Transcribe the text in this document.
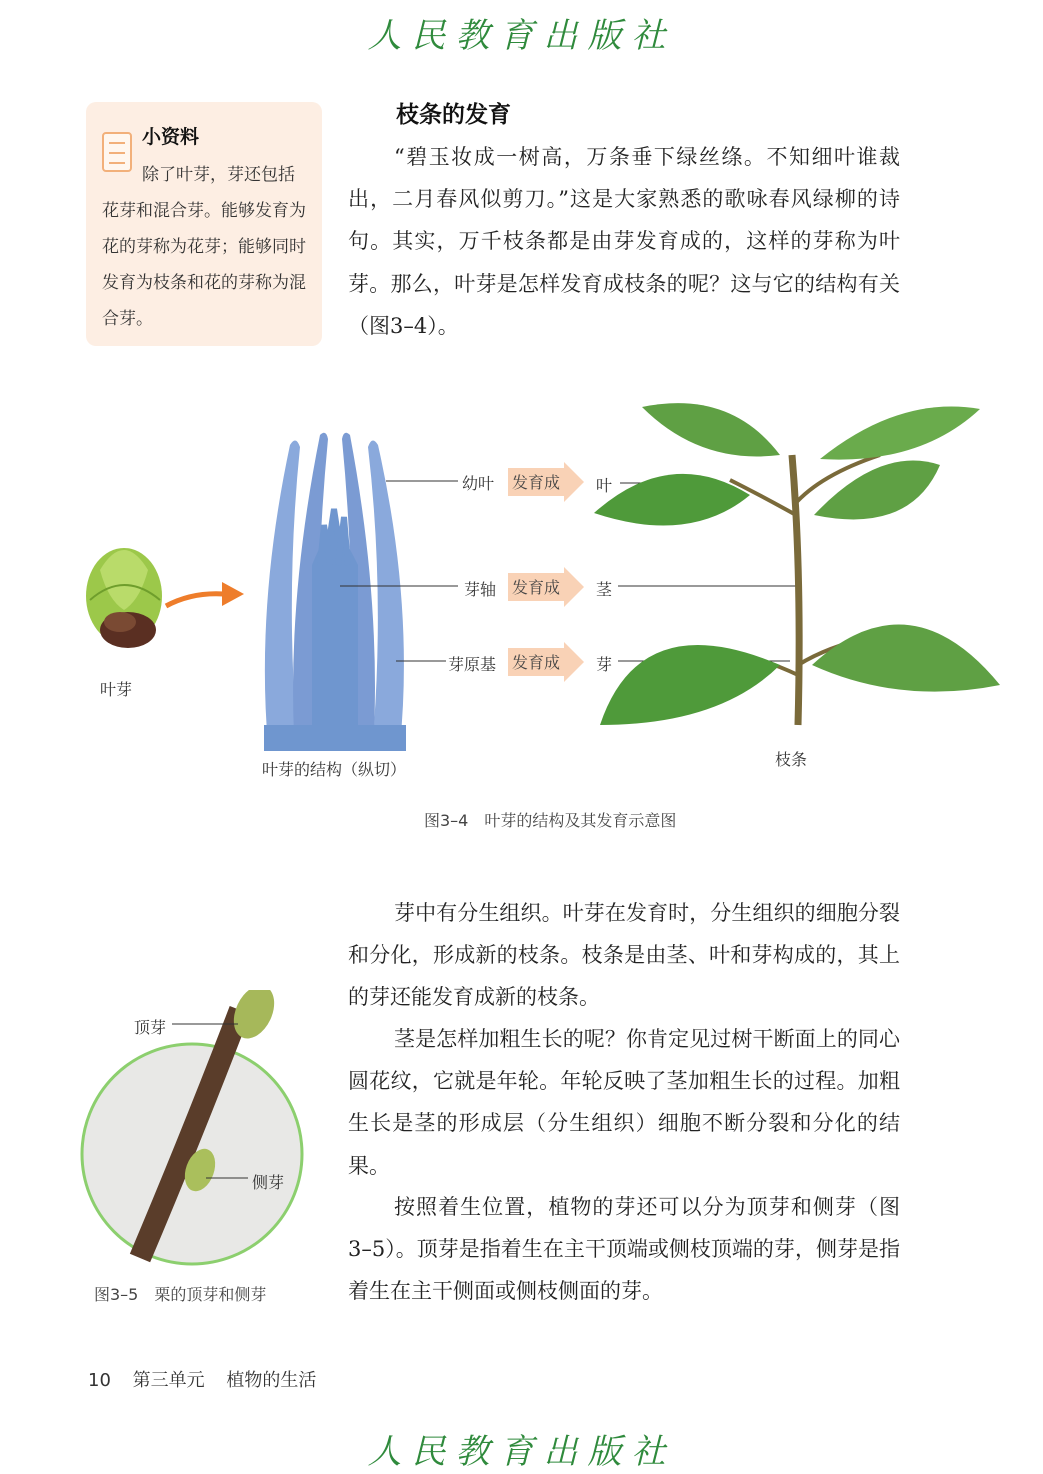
人民教育出版社
小资料
除了叶芽，芽还包括花芽和混合芽。能够发育为花的芽称为花芽；能够同时发育为枝条和花的芽称为混合芽。
枝条的发育
“碧玉妆成一树高，万条垂下绿丝绦。不知细叶谁裁出，二月春风似剪刀。”这是大家熟悉的歌咏春风绿柳的诗句。其实，万千枝条都是由芽发育成的，这样的芽称为叶芽。那么，叶芽是怎样发育成枝条的呢？这与它的结构有关（图3–4）。
叶芽
叶芽的结构（纵切）
幼叶 发育成 叶
芽轴 发育成 茎
芽原基 发育成 芽
枝条
图3–4　叶芽的结构及其发育示意图
顶芽
侧芽
图3–5　栗的顶芽和侧芽
芽中有分生组织。叶芽在发育时，分生组织的细胞分裂和分化，形成新的枝条。枝条是由茎、叶和芽构成的，其上的芽还能发育成新的枝条。
茎是怎样加粗生长的呢？你肯定见过树干断面上的同心圆花纹，它就是年轮。年轮反映了茎加粗生长的过程。加粗生长是茎的形成层（分生组织）细胞不断分裂和分化的结果。
按照着生位置，植物的芽还可以分为顶芽和侧芽（图3–5）。顶芽是指着生在主干顶端或侧枝顶端的芽，侧芽是指着生在主干侧面或侧枝侧面的芽。
10 第三单元 植物的生活
人民教育出版社
